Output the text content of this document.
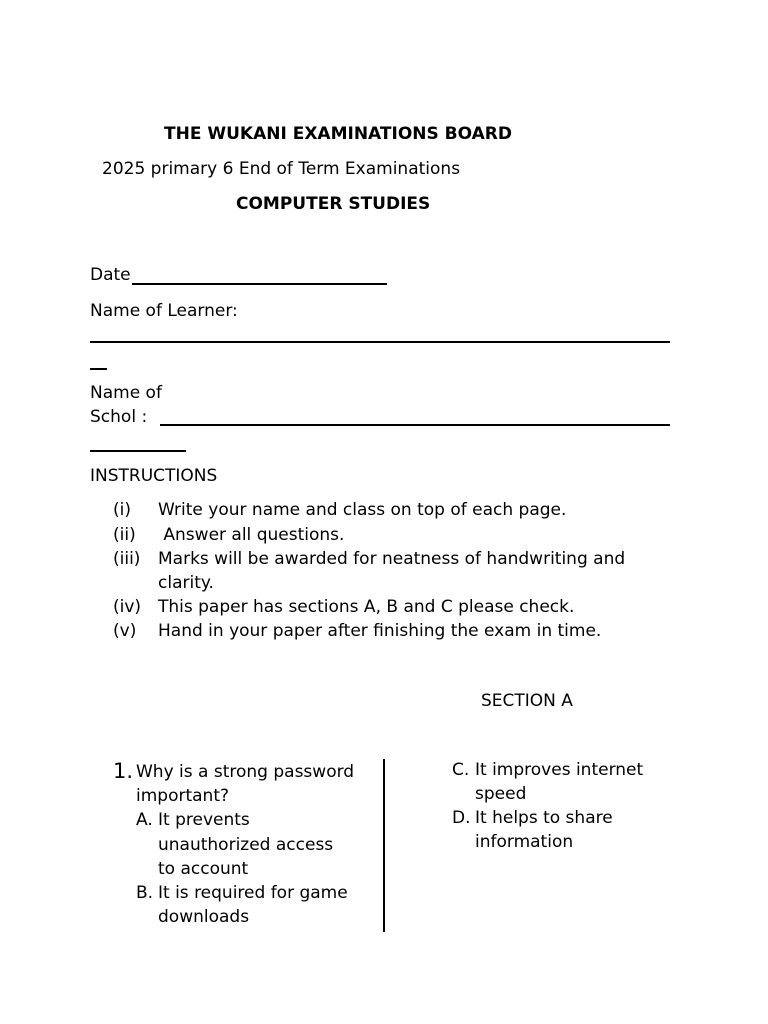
THE WUKANI EXAMINATIONS BOARD
2025 primary 6 End of Term Examinations
COMPUTER STUDIES
Date
Name of Learner:
Name of
Schol :
INSTRUCTIONS
(i) Write your name and class on top of each page.
(ii) Answer all questions.
(iii) Marks will be awarded for neatness of handwriting and
clarity.
(iv) This paper has sections A, B and C please check.
(v) Hand in your paper after finishing the exam in time.
SECTION A
1. Why is a strong password
important?
A. It prevents
unauthorized access
to account
B. It is required for game
downloads
C. It improves internet
speed
D. It helps to share
information
